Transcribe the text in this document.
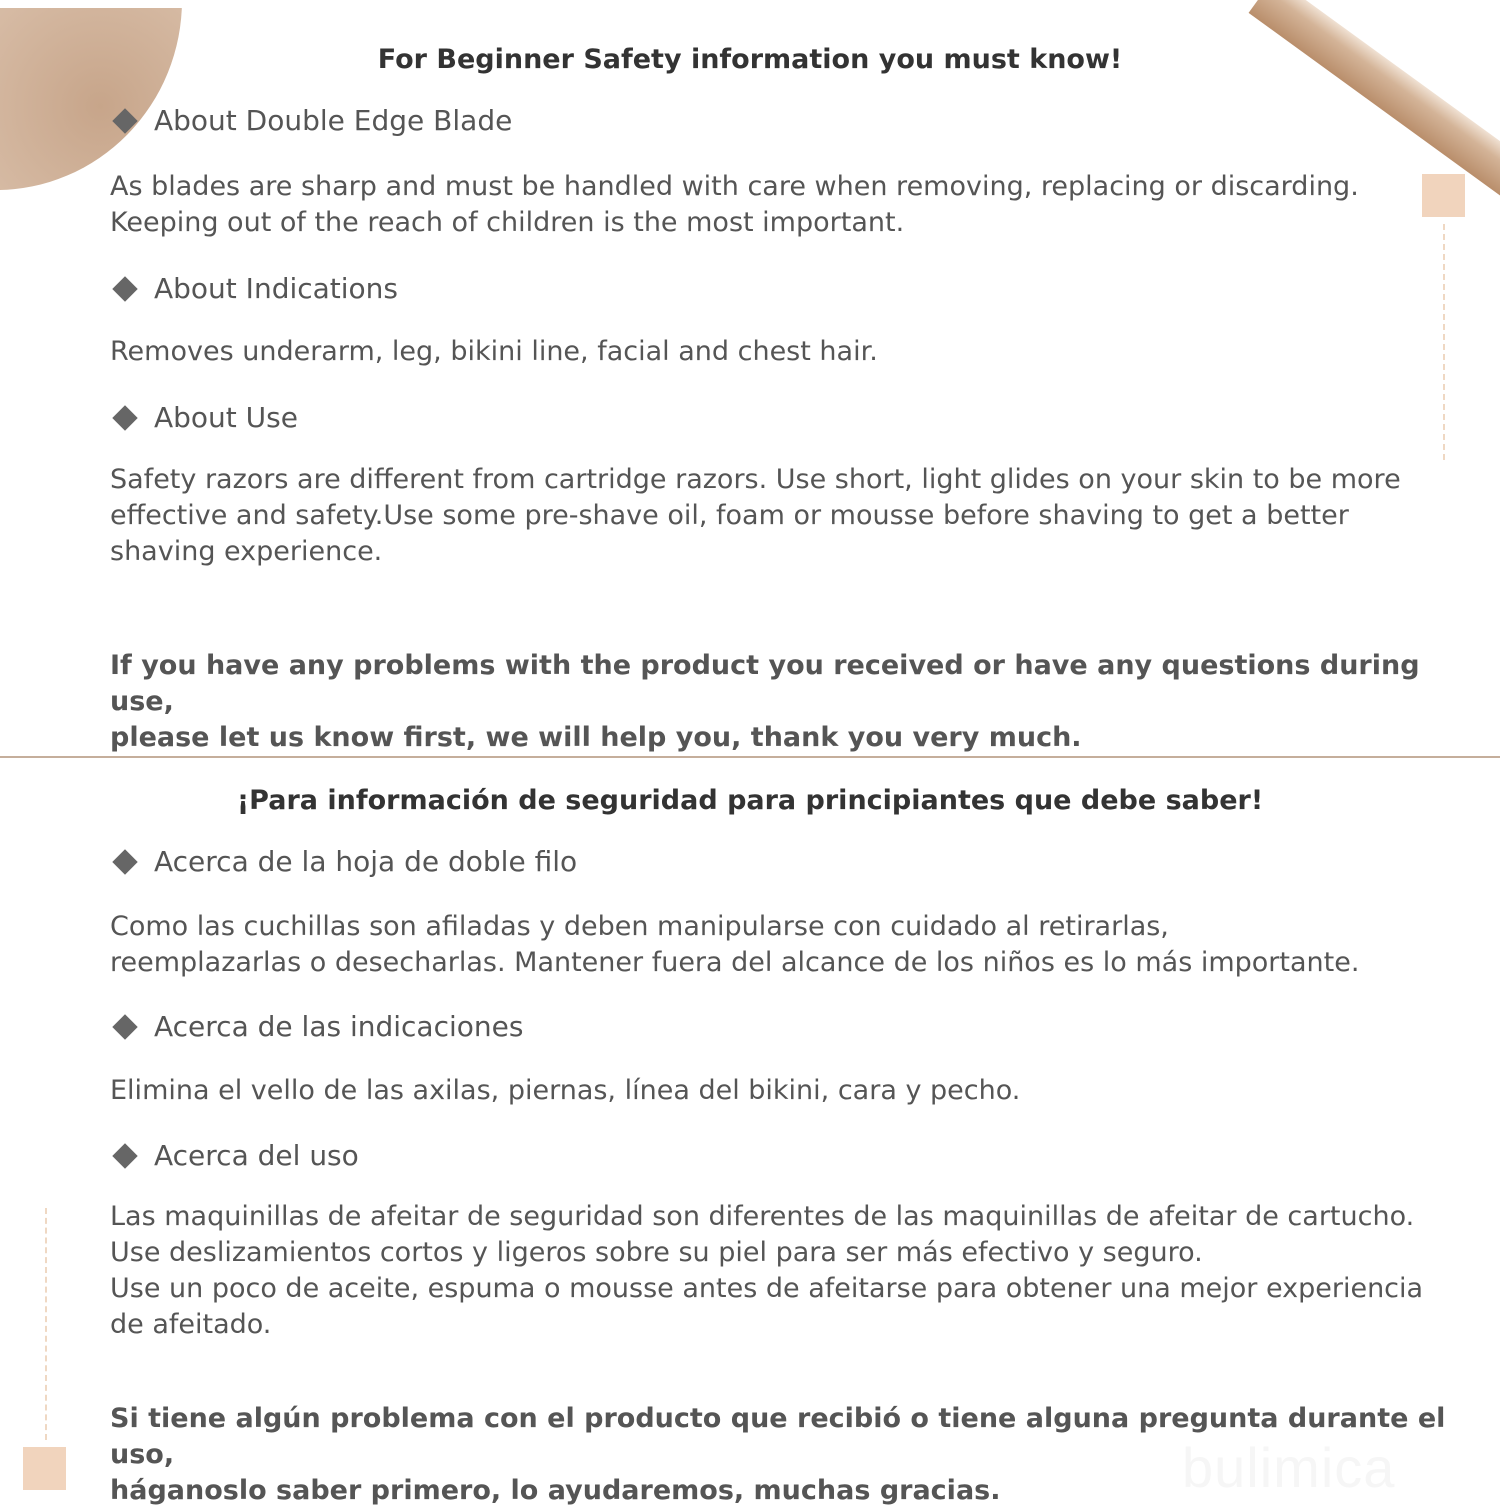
For Beginner Safety information you must know!
About Double Edge Blade

As blades are sharp and must be handled with care when removing, replacing or discarding.
Keeping out of the reach of children is the most important.

About Indications

Removes underarm, leg, bikini line, facial and chest hair.

About Use

Safety razors are different from cartridge razors. Use short, light glides on your skin to be more
effective and safety.Use some pre-shave oil, foam or mousse before shaving to get a better
shaving experience.

If you have any problems with the product you received or have any questions during use,
please let us know first, we will help you, thank you very much.

¡Para información de seguridad para principiantes que debe saber!
Acerca de la hoja de doble filo

Como las cuchillas son afiladas y deben manipularse con cuidado al retirarlas,
reemplazarlas o desecharlas. Mantener fuera del alcance de los niños es lo más importante.

Acerca de las indicaciones

Elimina el vello de las axilas, piernas, línea del bikini, cara y pecho.

Acerca del uso

Las maquinillas de afeitar de seguridad son diferentes de las maquinillas de afeitar de cartucho.
Use deslizamientos cortos y ligeros sobre su piel para ser más efectivo y seguro.
Use un poco de aceite, espuma o mousse antes de afeitarse para obtener una mejor experiencia
de afeitado.

Si tiene algún problema con el producto que recibió o tiene alguna pregunta durante el uso,
háganoslo saber primero, lo ayudaremos, muchas gracias.	bulimica
